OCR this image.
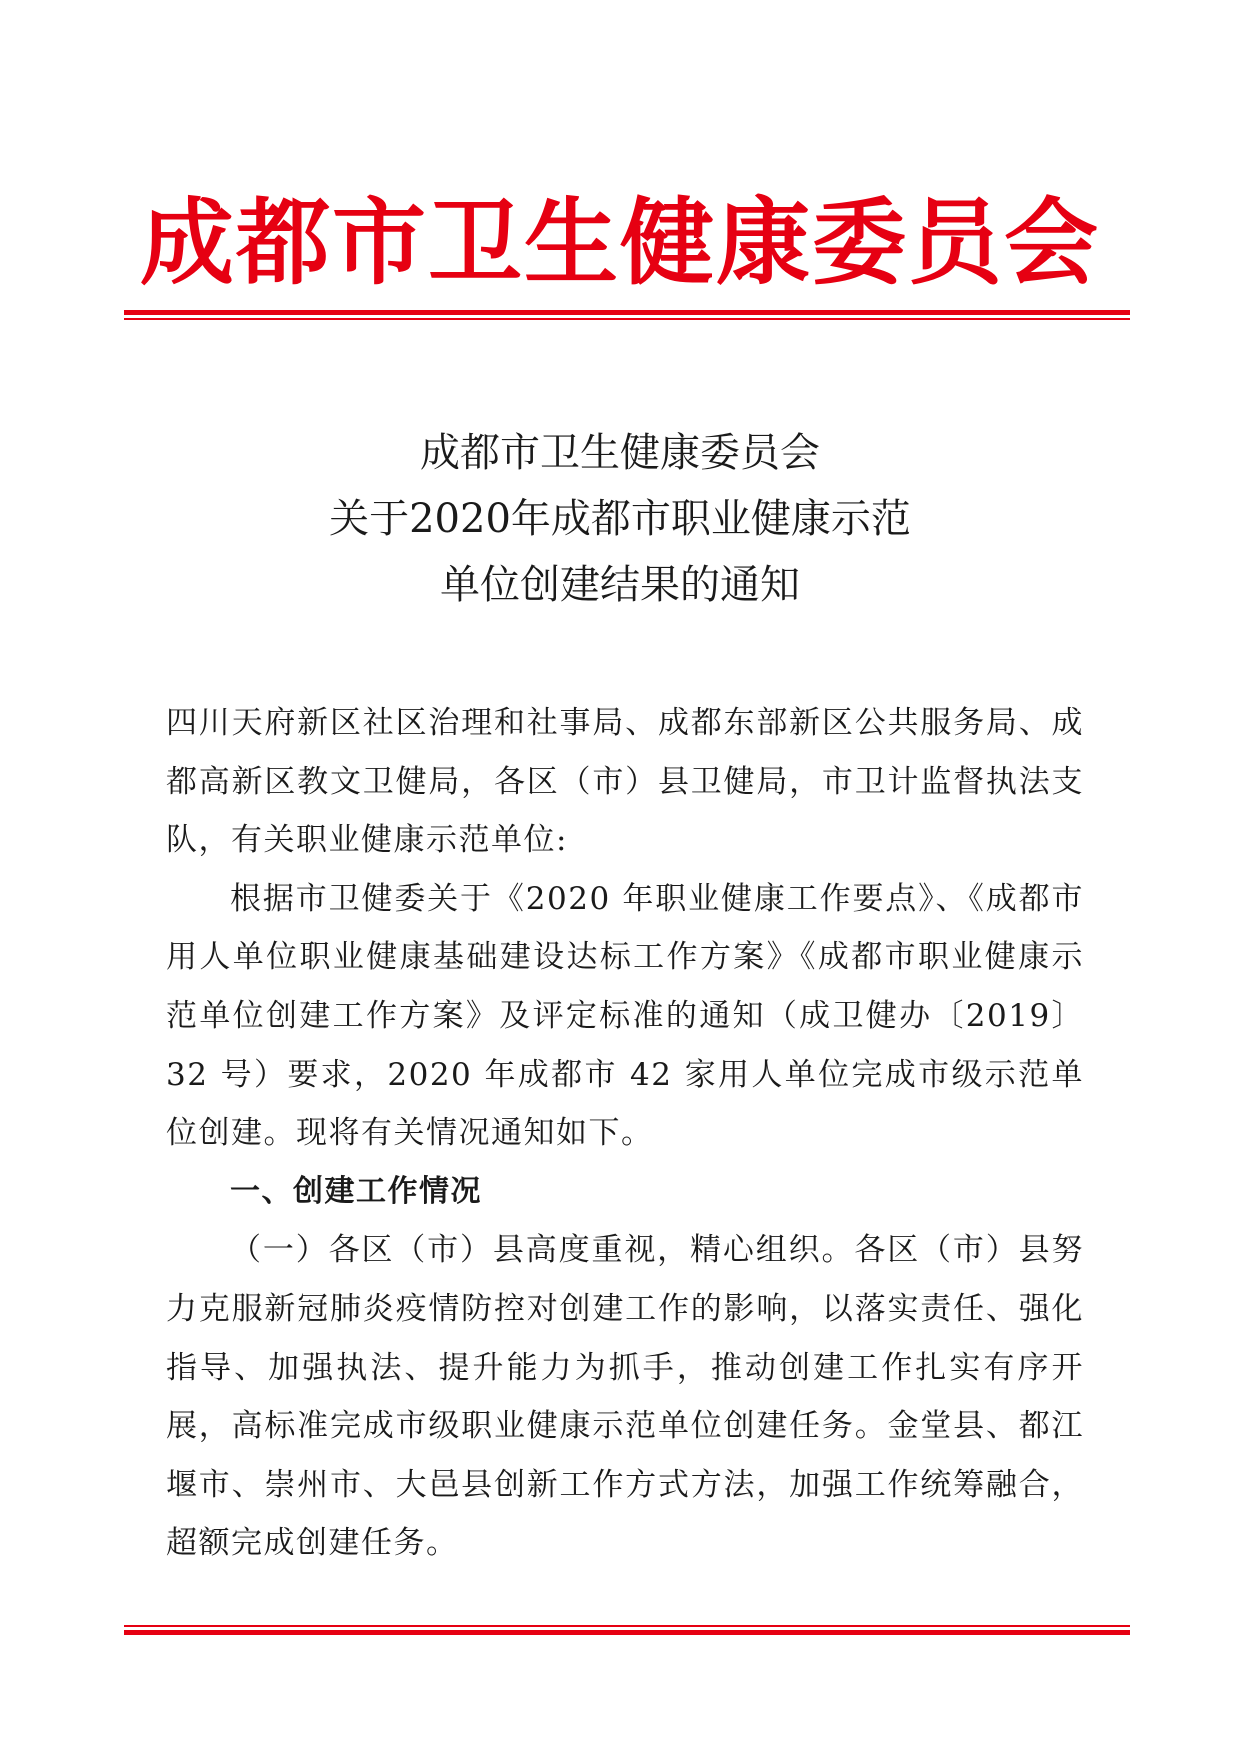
成都市卫生健康委员会
成都市卫生健康委员会
关于2020年成都市职业健康示范
单位创建结果的通知

四川天府新区社区治理和社事局、成都东部新区公共服务局、成都高新区教文卫健局，各区（市）县卫健局，市卫计监督执法支队，有关职业健康示范单位:

根据市卫健委关于《2020 年职业健康工作要点》、《成都市用人单位职业健康基础建设达标工作方案》《成都市职业健康示范单位创建工作方案》及评定标准的通知（成卫健办〔2019〕32 号）要求，2020 年成都市 42 家用人单位完成市级示范单位创建。现将有关情况通知如下。

一、创建工作情况

（一）各区（市）县高度重视，精心组织。各区（市）县努力克服新冠肺炎疫情防控对创建工作的影响，以落实责任、强化指导、加强执法、提升能力为抓手，推动创建工作扎实有序开展，高标准完成市级职业健康示范单位创建任务。金堂县、都江堰市、崇州市、大邑县创新工作方式方法，加强工作统筹融合，超额完成创建任务。
